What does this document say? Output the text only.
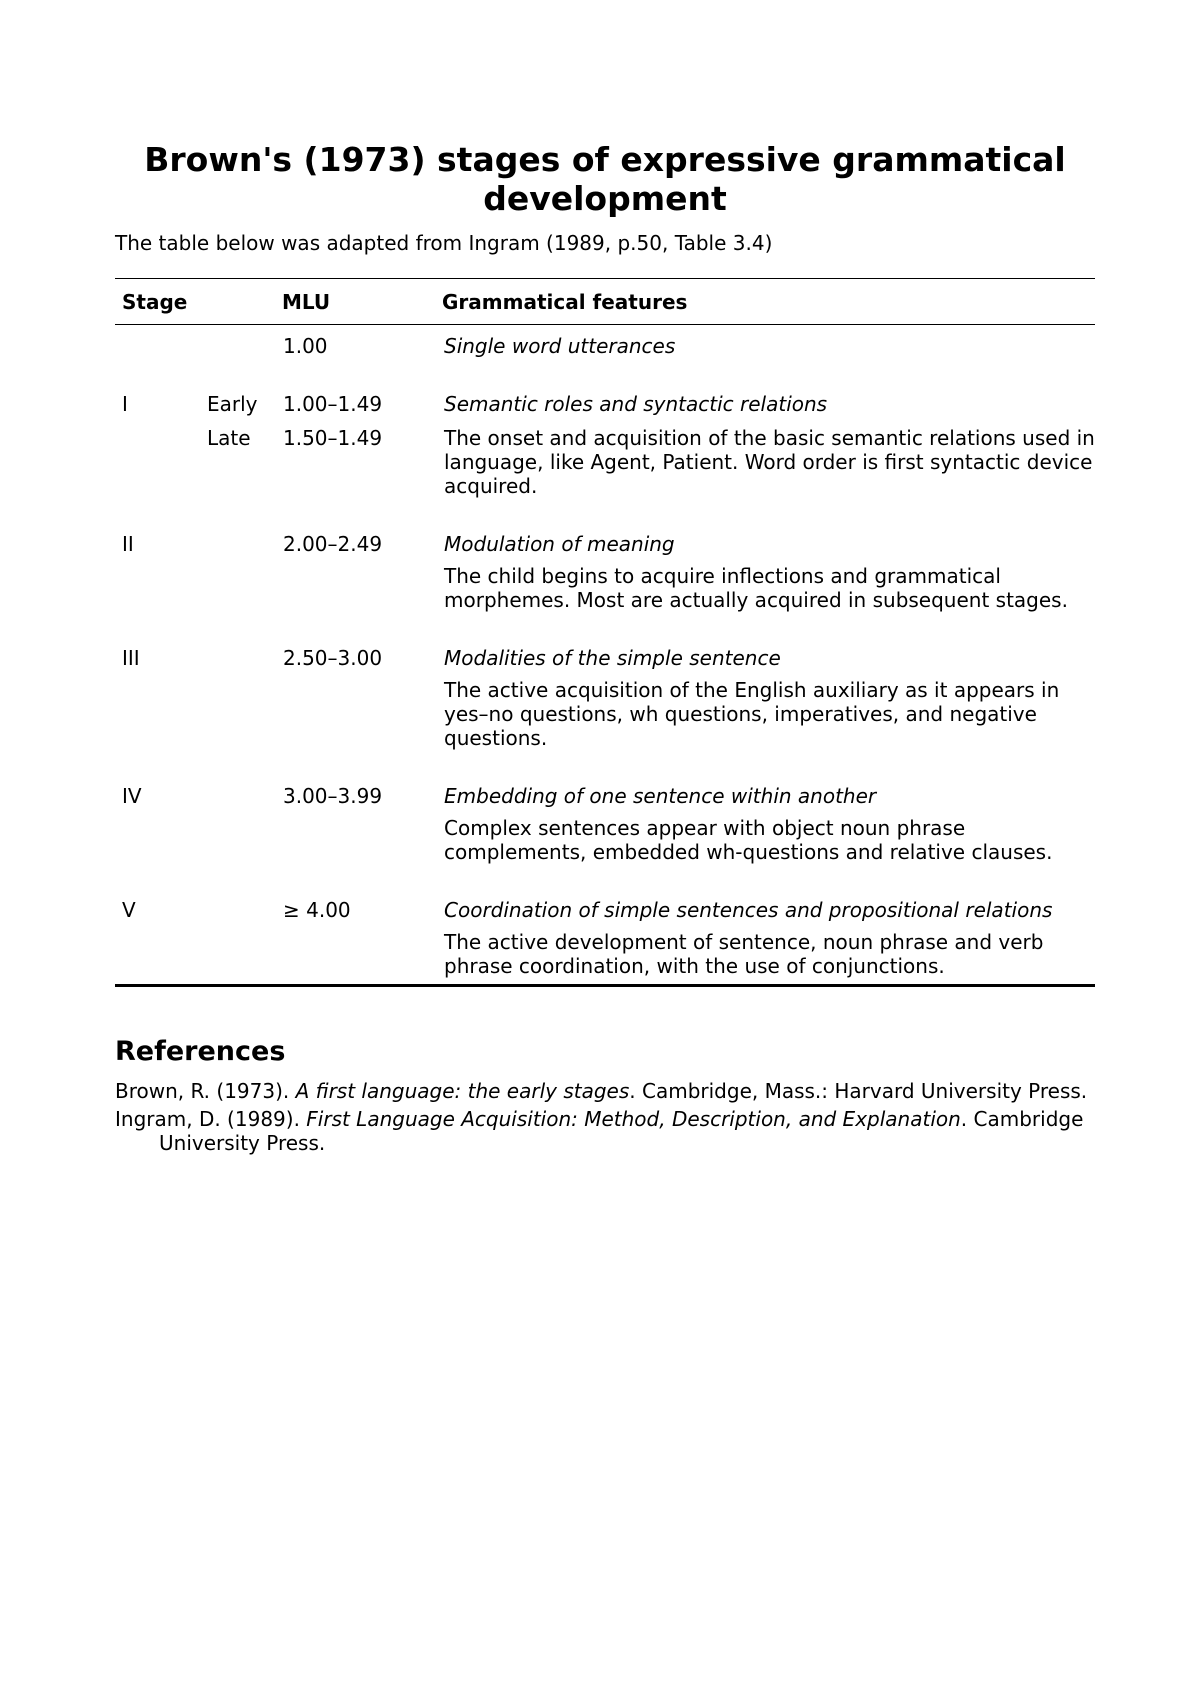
Brown's (1973) stages of expressive grammatical development

The table below was adapted from Ingram (1989, p.50, Table 3.4)

Stage		MLU	Grammatical features
		1.00	Single word utterances
I	Early	1.00–1.49	Semantic roles and syntactic relations
	Late	1.50–1.49	The onset and acquisition of the basic semantic relations used in language, like Agent, Patient. Word order is first syntactic device acquired.
II		2.00–2.49	Modulation of meaning
The child begins to acquire inflections and grammatical morphemes. Most are actually acquired in subsequent stages.

III		2.50–3.00	Modalities of the simple sentence
The active acquisition of the English auxiliary as it appears in yes–no questions, wh questions, imperatives, and negative questions.

IV		3.00–3.99	Embedding of one sentence within another
Complex sentences appear with object noun phrase complements, embedded wh-questions and relative clauses.

V		≥ 4.00	Coordination of simple sentences and propositional relations
The active development of sentence, noun phrase and verb phrase coordination, with the use of conjunctions.
References

Brown, R. (1973). A first language: the early stages. Cambridge, Mass.: Harvard University Press.

Ingram, D. (1989). First Language Acquisition: Method, Description, and Explanation. Cambridge University Press.
